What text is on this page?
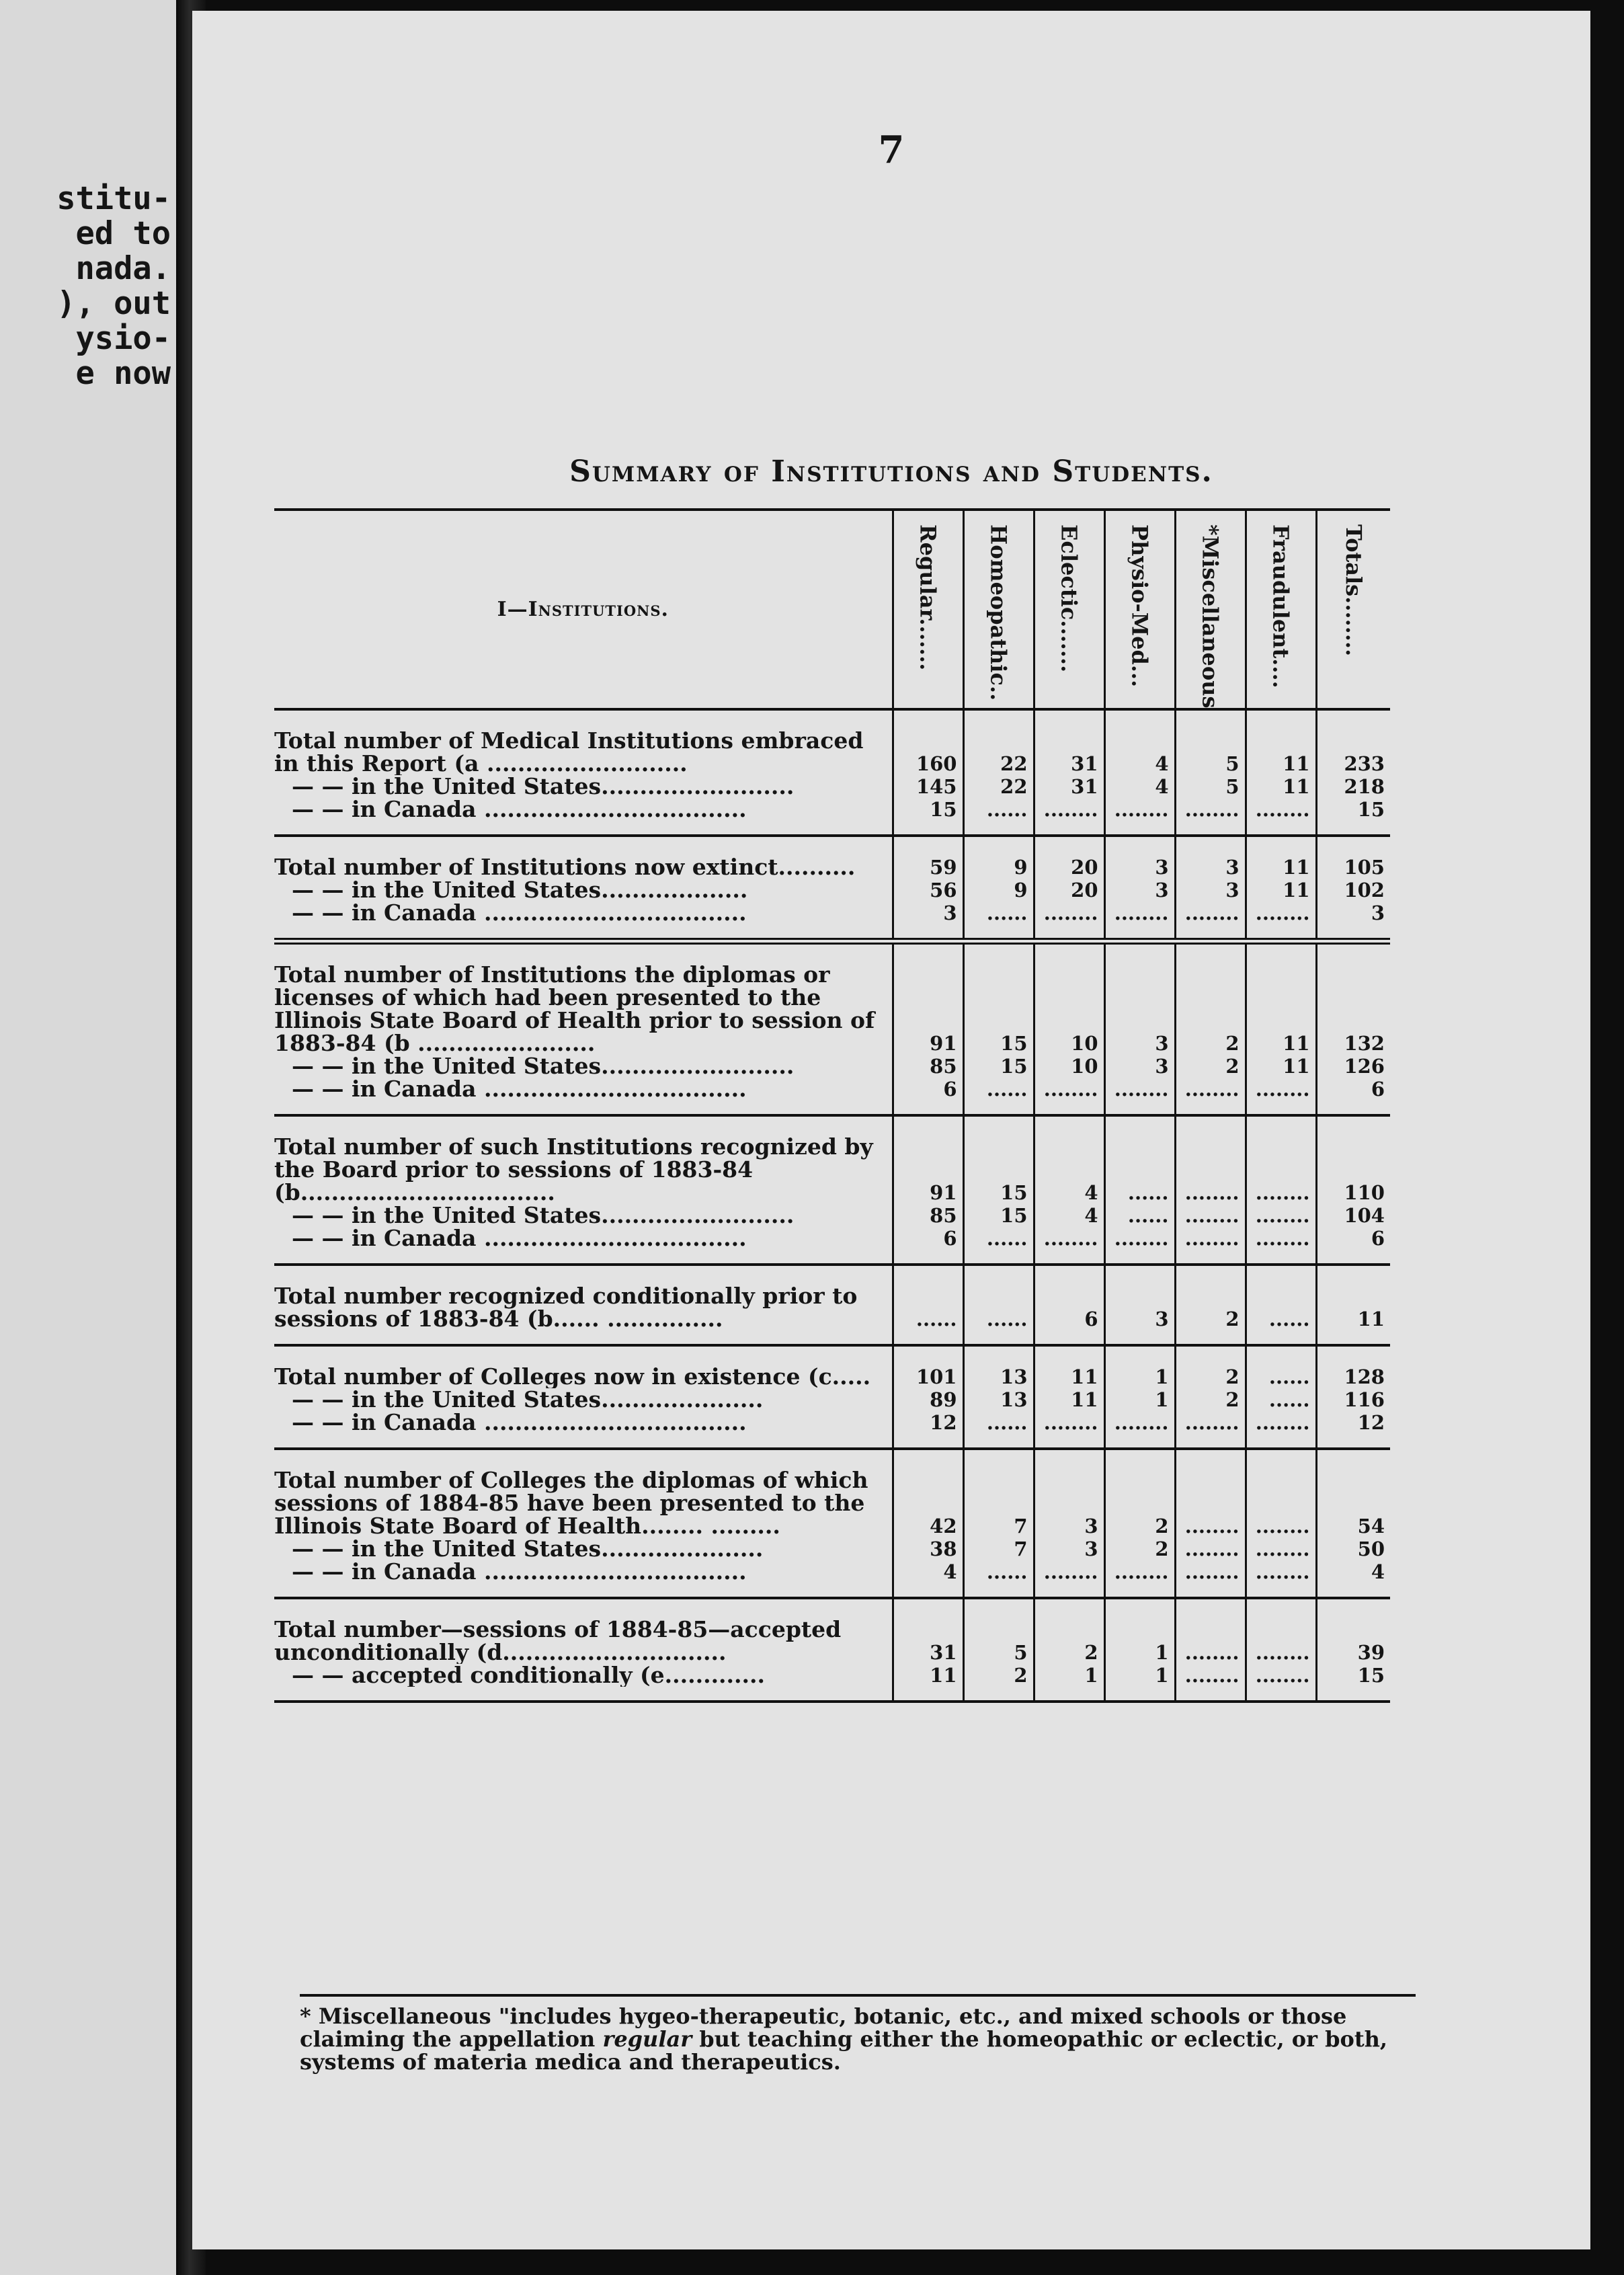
stitu-
ed to
nada.
), out
ysio-
e now
7
Summary of Institutions and Students.
I—Institutions.	Regular.......	Homeopathic..	Eclectic.......	Physio-Med...	*Miscellaneous	Fraudulent....	Totals........

Total number of Medical Institutions embraced in this Report (a ..........................	160	22	31	4	5	11	233
— — in the United States.........................	145	22	31	4	5	11	218
— — in Canada ..................................	15	......	........	........	........	........	15

Total number of Institutions now extinct..........	59	9	20	3	3	11	105
— — in the United States...................	56	9	20	3	3	11	102
— — in Canada ..................................	3	......	........	........	........	........	3

Total number of Institutions the diplomas or licenses of which had been presented to the Illinois State Board of Health prior to session of 1883-84 (b .......................	91	15	10	3	2	11	132
— — in the United States.........................	85	15	10	3	2	11	126
— — in Canada ..................................	6	......	........	........	........	........	6

Total number of such Institutions recognized by the Board prior to sessions of 1883-84 (b.................................	91	15	4	......	........	........	110
— — in the United States.........................	85	15	4	......	........	........	104
— — in Canada ..................................	6	......	........	........	........	........	6

Total number recognized conditionally prior to sessions of 1883-84 (b...... ...............	......	......	6	3	2	......	11

Total number of Colleges now in existence (c.....	101	13	11	1	2	......	128
— — in the United States.....................	89	13	11	1	2	......	116
— — in Canada ..................................	12	......	........	........	........	........	12

Total number of Colleges the diplomas of which sessions of 1884-85 have been presented to the Illinois State Board of Health........ .........	42	7	3	2	........	........	54
— — in the United States.....................	38	7	3	2	........	........	50
— — in Canada ..................................	4	......	........	........	........	........	4

Total number—sessions of 1884-85—accepted unconditionally (d.............................	31	5	2	1	........	........	39
— — accepted conditionally (e.............	11	2	1	1	........	........	15

* Miscellaneous "includes hygeo-therapeutic, botanic, etc., and mixed schools or those claiming the appellation regular but teaching either the homeopathic or eclectic, or both, systems of materia medica and therapeutics.
